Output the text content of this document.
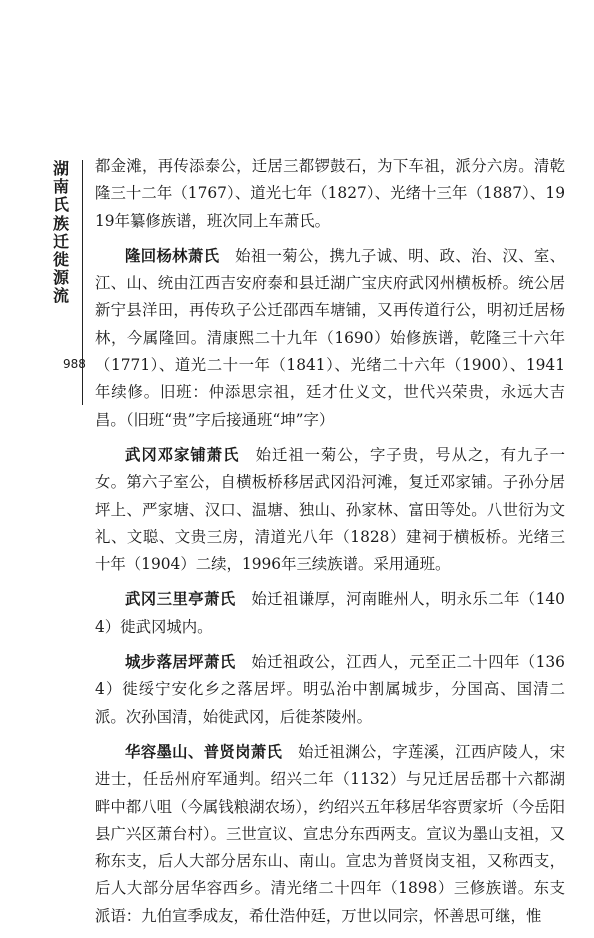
湖
南
氏
族
迁
徙
源
流
988

都金滩，再传添泰公，迁居三都锣鼓石，为下车祖，派分六房。清乾隆三十二年（1767）、道光七年（1827）、光绪十三年（1887）、1919年纂修族谱，班次同上车萧氏。

隆回杨林萧氏　 始祖一菊公，携九子诚、明、政、治、汉、室、江、山、统由江西吉安府泰和县迁湖广宝庆府武冈州横板桥。统公居新宁县洋田，再传玖子公迁邵西车塘铺，又再传道行公，明初迁居杨林，今属隆回。清康熙二十九年（1690）始修族谱，乾隆三十六年（1771）、道光二十一年（1841）、光绪二十六年（1900）、1941年续修。旧班：仲添思宗祖，廷才仕义文，世代兴荣贵，永远大吉昌。（旧班“贵”字后接通班“坤”字）

武冈邓家铺萧氏　 始迁祖一菊公，字子贵，号从之，有九子一女。第六子室公，自横板桥移居武冈沿河滩，复迁邓家铺。子孙分居坪上、严家塘、汉口、温塘、独山、孙家林、富田等处。八世衍为文礼、文聪、文贵三房，清道光八年（1828）建祠于横板桥。光绪三十年（1904）二续，1996年三续族谱。采用通班。

武冈三里亭萧氏　 始迁祖谦厚，河南睢州人，明永乐二年（1404）徙武冈城内。

城步落居坪萧氏　 始迁祖政公，江西人，元至正二十四年（1364）徙绥宁安化乡之落居坪。明弘治中割属城步，分国高、国清二派。次孙国清，始徙武冈，后徙茶陵州。

华容墨山、普贤岗萧氏　 始迁祖渊公，字莲溪，江西庐陵人，宋进士，任岳州府军通判。绍兴二年（1132）与兄迁居岳郡十六都湖畔中都八咀（今属钱粮湖农场），约绍兴五年移居华容贾家圻（今岳阳县广兴区萧台村）。三世宣议、宣忠分东西两支。宣议为墨山支祖，又称东支，后人大部分居东山、南山。宣忠为普贤岗支祖，又称西支，后人大部分居华容西乡。清光绪二十四年（1898）三修族谱。东支派语：九伯宣季成友，希仕浩仲廷，万世以同宗，怀善思可继，惟
